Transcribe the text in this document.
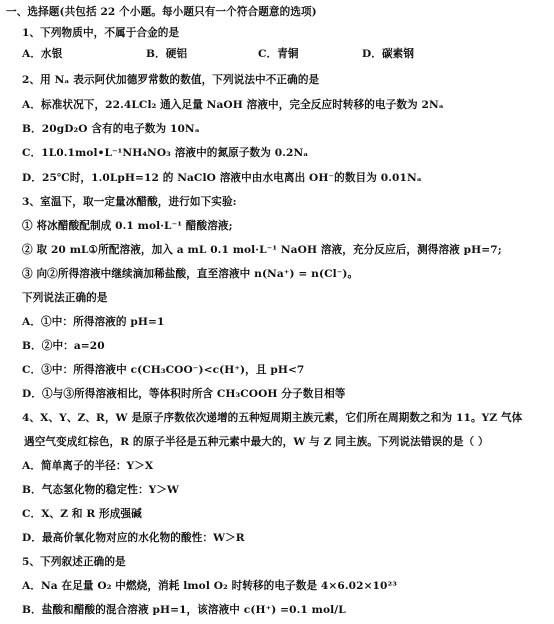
一、选择题(共包括 22 个小题。每小题只有一个符合题意的选项)
1、下列物质中，不属于合金的是
A．水银	B．硬铝	C．青铜	D．碳素钢
2、用 Nₐ 表示阿伏加德罗常数的数值，下列说法中不正确的是
A．标准状况下，22.4LCl₂ 通入足量 NaOH 溶液中，完全反应时转移的电子数为 2Nₐ
B．20gD₂O 含有的电子数为 10Nₐ
C．1L0.1mol•L⁻¹NH₄NO₃ 溶液中的氮原子数为 0.2Nₐ
D．25℃时，1.0LpH=12 的 NaClO 溶液中由水电离出 OH⁻的数目为 0.01Nₐ
3、室温下，取一定量冰醋酸，进行如下实验:
① 将冰醋酸配制成 0.1 mol·L⁻¹ 醋酸溶液;
② 取 20 mL①所配溶液，加入 a mL 0.1 mol·L⁻¹ NaOH 溶液，充分反应后，测得溶液 pH=7;
③ 向②所得溶液中继续滴加稀盐酸，直至溶液中 n(Na⁺) = n(Cl⁻)。
下列说法正确的是
A．①中：所得溶液的 pH=1
B．②中：a=20
C．③中：所得溶液中 c(CH₃COO⁻)<c(H⁺)，且 pH<7
D．①与③所得溶液相比，等体积时所含 CH₃COOH 分子数目相等
4、X、Y、Z、R，W 是原子序数依次递增的五种短周期主族元素，它们所在周期数之和为 11。YZ 气体
遇空气变成红棕色，R 的原子半径是五种元素中最大的，W 与 Z 同主族。下列说法错误的是（ ）
A．简单离子的半径：Y＞X
B．气态氢化物的稳定性：Y＞W
C．X、Z 和 R 形成强碱
D．最高价氧化物对应的水化物的酸性：W＞R
5、下列叙述正确的是
A．Na 在足量 O₂ 中燃烧，消耗 lmol O₂ 时转移的电子数是 4×6.02×10²³
B．盐酸和醋酸的混合溶液 pH=1，该溶液中 c(H⁺) =0.1 mol/L
